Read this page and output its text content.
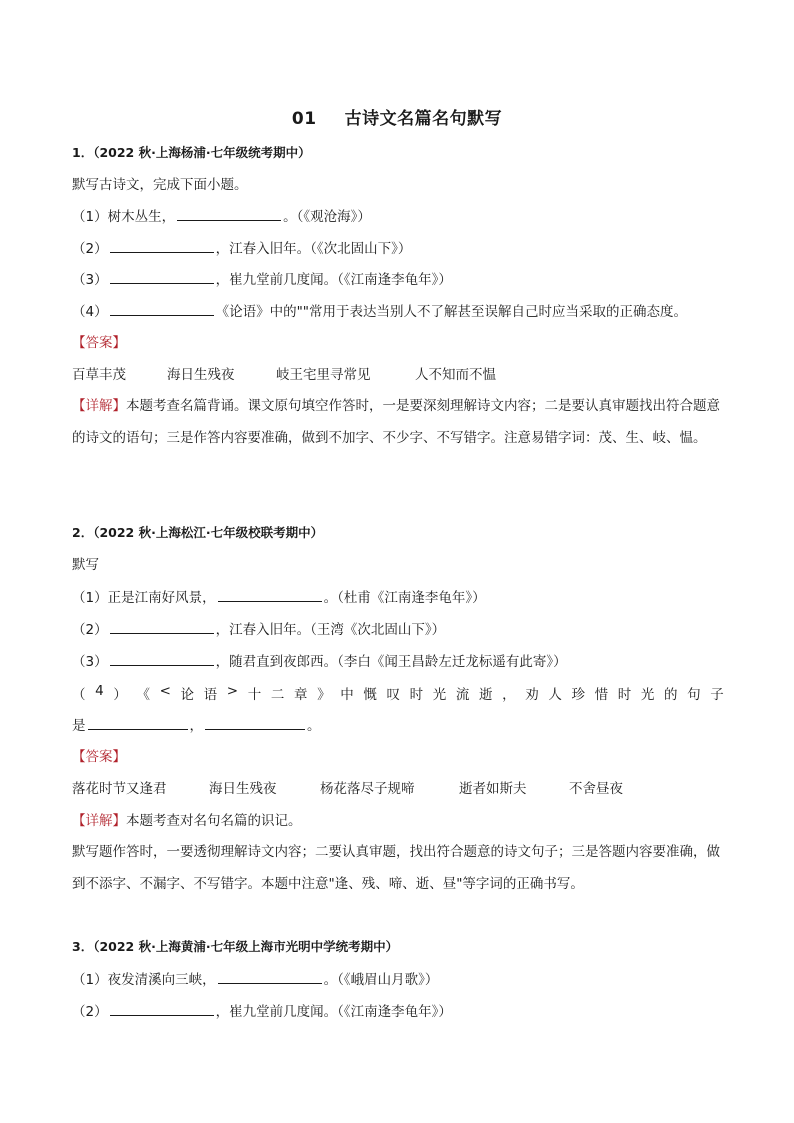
01 古诗文名篇名句默写
1．（2022 秋·上海杨浦·七年级统考期中）
默写古诗文，完成下面小题。
（1）树木丛生，	。（《观沧海》）
（2）	，江春入旧年。（《次北固山下》）
（3）	，崔九堂前几度闻。（《江南逢李龟年》）
（4）	《论语》中的""常用于表达当别人不了解甚至误解自己时应当采取的正确态度。
【答案】
百草丰茂	海日生残夜	岐王宅里寻常见	人不知而不愠
【详解】本题考查名篇背诵。课文原句填空作答时，一是要深刻理解诗文内容；二是要认真审题找出符合题意的诗文的语句；三是作答内容要准确，做到不加字、不少字、不写错字。注意易错字词：茂、生、岐、愠。
2．（2022 秋·上海松江·七年级校联考期中）
默写
（1）正是江南好风景，	。（杜甫《江南逢李龟年》）
（2）	，江春入旧年。（王湾《次北固山下》）
（3）	，随君直到夜郎西。（李白《闻王昌龄左迁龙标遥有此寄》）
（ 4 ） 《 < 论 语 > 十 二 章 》 中 慨 叹 时 光 流 逝 ， 劝 人 珍 惜 时 光 的 句 子
是	，	。
【答案】
落花时节又逢君	海日生残夜	杨花落尽子规啼	逝者如斯夫	不舍昼夜
【详解】本题考查对名句名篇的识记。
默写题作答时，一要透彻理解诗文内容；二要认真审题，找出符合题意的诗文句子；三是答题内容要准确，做到不添字、不漏字、不写错字。本题中注意"逢、残、啼、逝、昼"等字词的正确书写。
3．（2022 秋·上海黄浦·七年级上海市光明中学统考期中）
（1）夜发清溪向三峡，	。（《峨眉山月歌》）
（2）	，崔九堂前几度闻。（《江南逢李龟年》）
